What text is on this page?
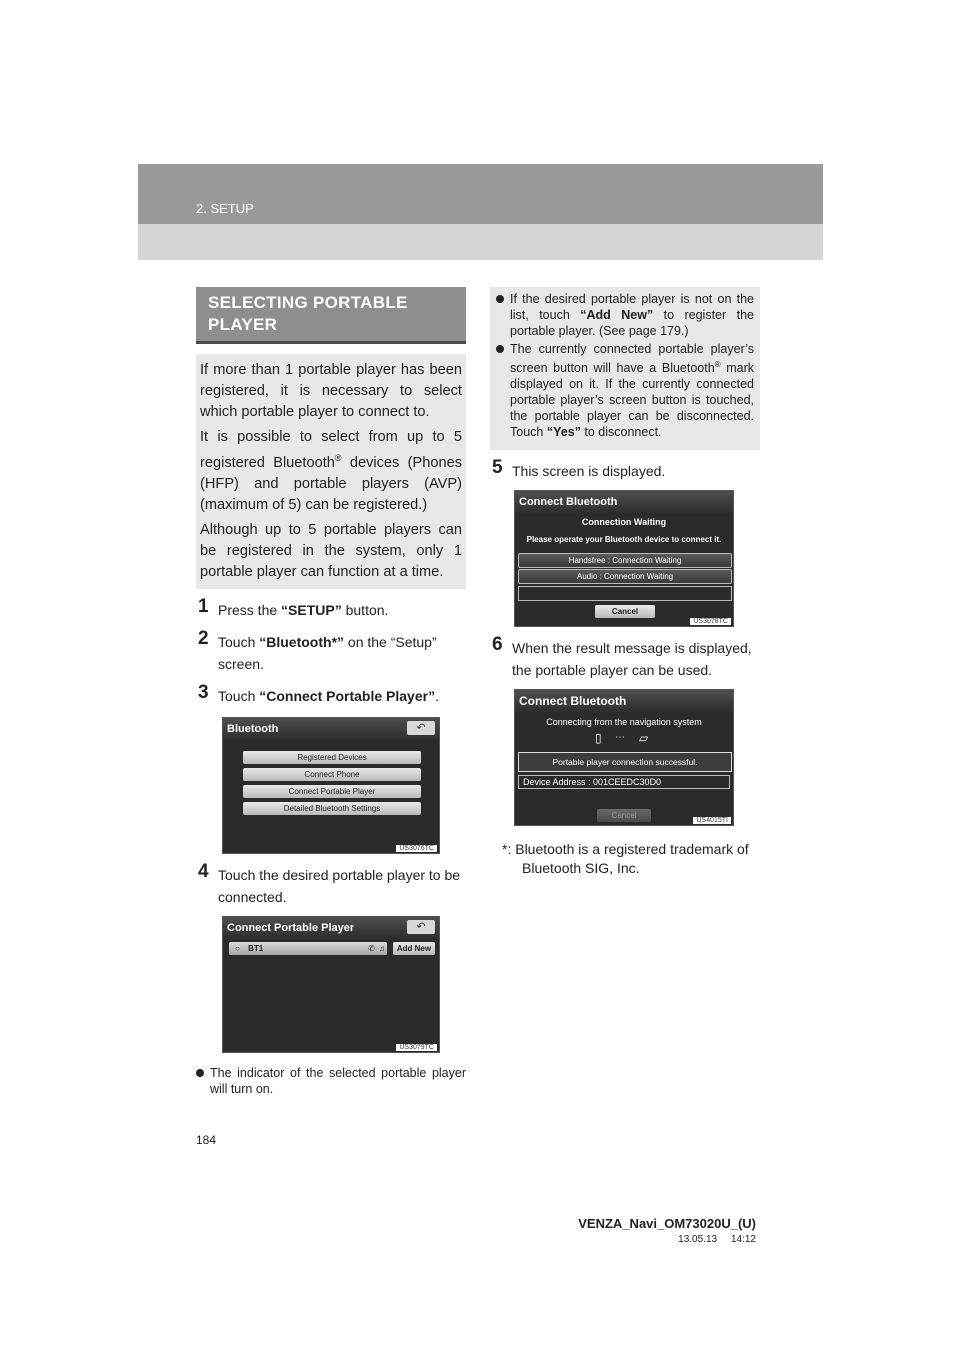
2. SETUP
SELECTING PORTABLE
PLAYER

If more than 1 portable player has been registered, it is necessary to select which portable player to connect to.

It is possible to select from up to 5 registered Bluetooth® devices (Phones (HFP) and portable players (AVP) (maximum of 5) can be registered.)

Although up to 5 portable players can be registered in the system, only 1 portable player can function at a time.

1 Press the “SETUP” button.
2 Touch “Bluetooth*” on the “Setup” screen.
3 Touch “Connect Portable Player”.
Bluetooth	↶
Registered Devices
Connect Phone
Connect Portable Player
Detailed Bluetooth Settings
US3076TC
4 Touch the desired portable player to be connected.
Connect Portable Player	↶
○ BT1	✆ ♫	Add New
US3079TC
The indicator of the selected portable player will turn on.
If the desired portable player is not on the list, touch “Add New” to register the portable player. (See page 179.)
The currently connected portable player’s screen button will have a Bluetooth® mark displayed on it. If the currently connected portable player’s screen button is touched, the portable player can be disconnected. Touch “Yes” to disconnect.
5 This screen is displayed.
Connect Bluetooth
Connection Waiting
Please operate your Bluetooth device to connect it.
Handsfree : Connection Waiting
Audio : Connection Waiting
Cancel
US3078TC
6 When the result message is displayed, the portable player can be used.
Connect Bluetooth
Connecting from the navigation system
▯ ⋯ ▱
Portable player connection successful.
Device Address : 001CEEDC30D0
Cancel
US4015TI
*: Bluetooth is a registered trademark of Bluetooth SIG, Inc.
184
VENZA_Navi_OM73020U_(U)
13.05.13     14:12
